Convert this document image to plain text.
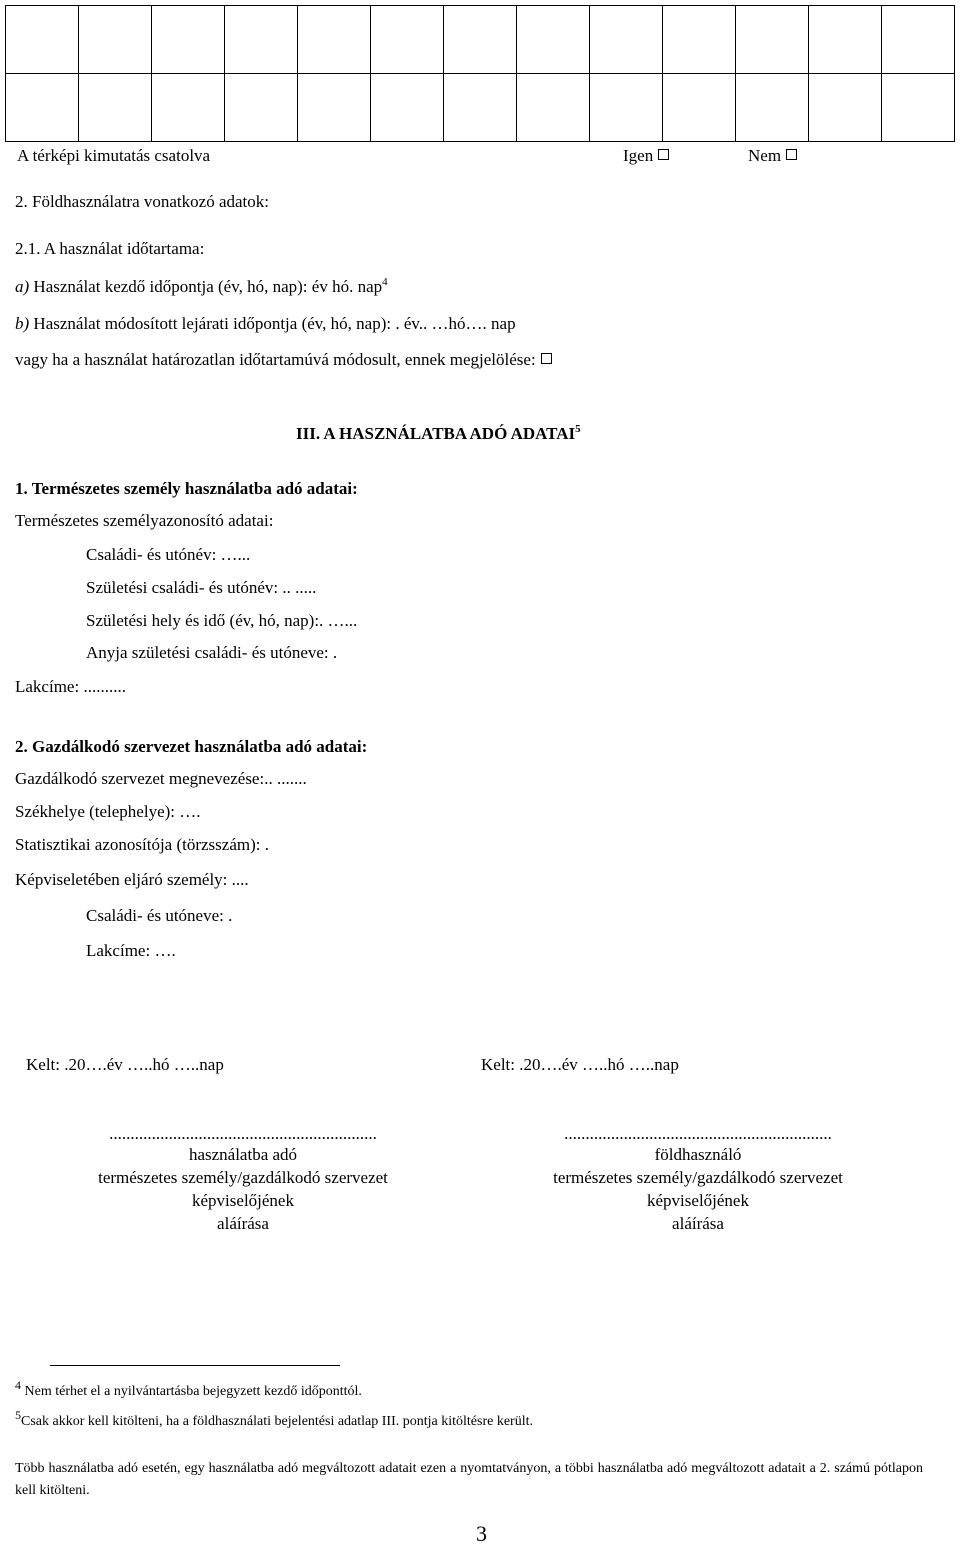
A térképi kimutatás csatolva	Igen	Nem
2. Földhasználatra vonatkozó adatok:
2.1. A használat időtartama:
a) Használat kezdő időpontja (év, hó, nap): év hó. nap$^4$
b) Használat módosított lejárati időpontja (év, hó, nap): . év.. …hó…. nap
vagy ha a használat határozatlan időtartamúvá módosult, ennek megjelölése:
III. A HASZNÁLATBA ADÓ ADATAI$^5$
1. Természetes személy használatba adó adatai:
Természetes személyazonosító adatai:
Családi- és utónév: …...
Születési családi- és utónév: .. .....
Születési hely és idő (év, hó, nap):. …...
Anyja születési családi- és utóneve: .
Lakcíme: ..........
2. Gazdálkodó szervezet használatba adó adatai:
Gazdálkodó szervezet megnevezése:.. .......
Székhelye (telephelye): ….
Statisztikai azonosítója (törzsszám): .
Képviseletében eljáró személy: ....
Családi- és utóneve: .
Lakcíme: ….
Kelt: .20….év …..hó …..nap	Kelt: .20….év …..hó …..nap
...............................................................
használatba adó
természetes személy/gazdálkodó szervezet
képviselőjének
aláírása
...............................................................
földhasználó
természetes személy/gazdálkodó szervezet
képviselőjének
aláírása
$^4$ Nem térhet el a nyilvántartásba bejegyzett kezdő időponttól.
$^5$Csak akkor kell kitölteni, ha a földhasználati bejelentési adatlap III. pontja kitöltésre került.
Több használatba adó esetén, egy használatba adó megváltozott adatait ezen a nyomtatványon, a többi használatba adó megváltozott adatait a 2. számú pótlapon kell kitölteni.
3
